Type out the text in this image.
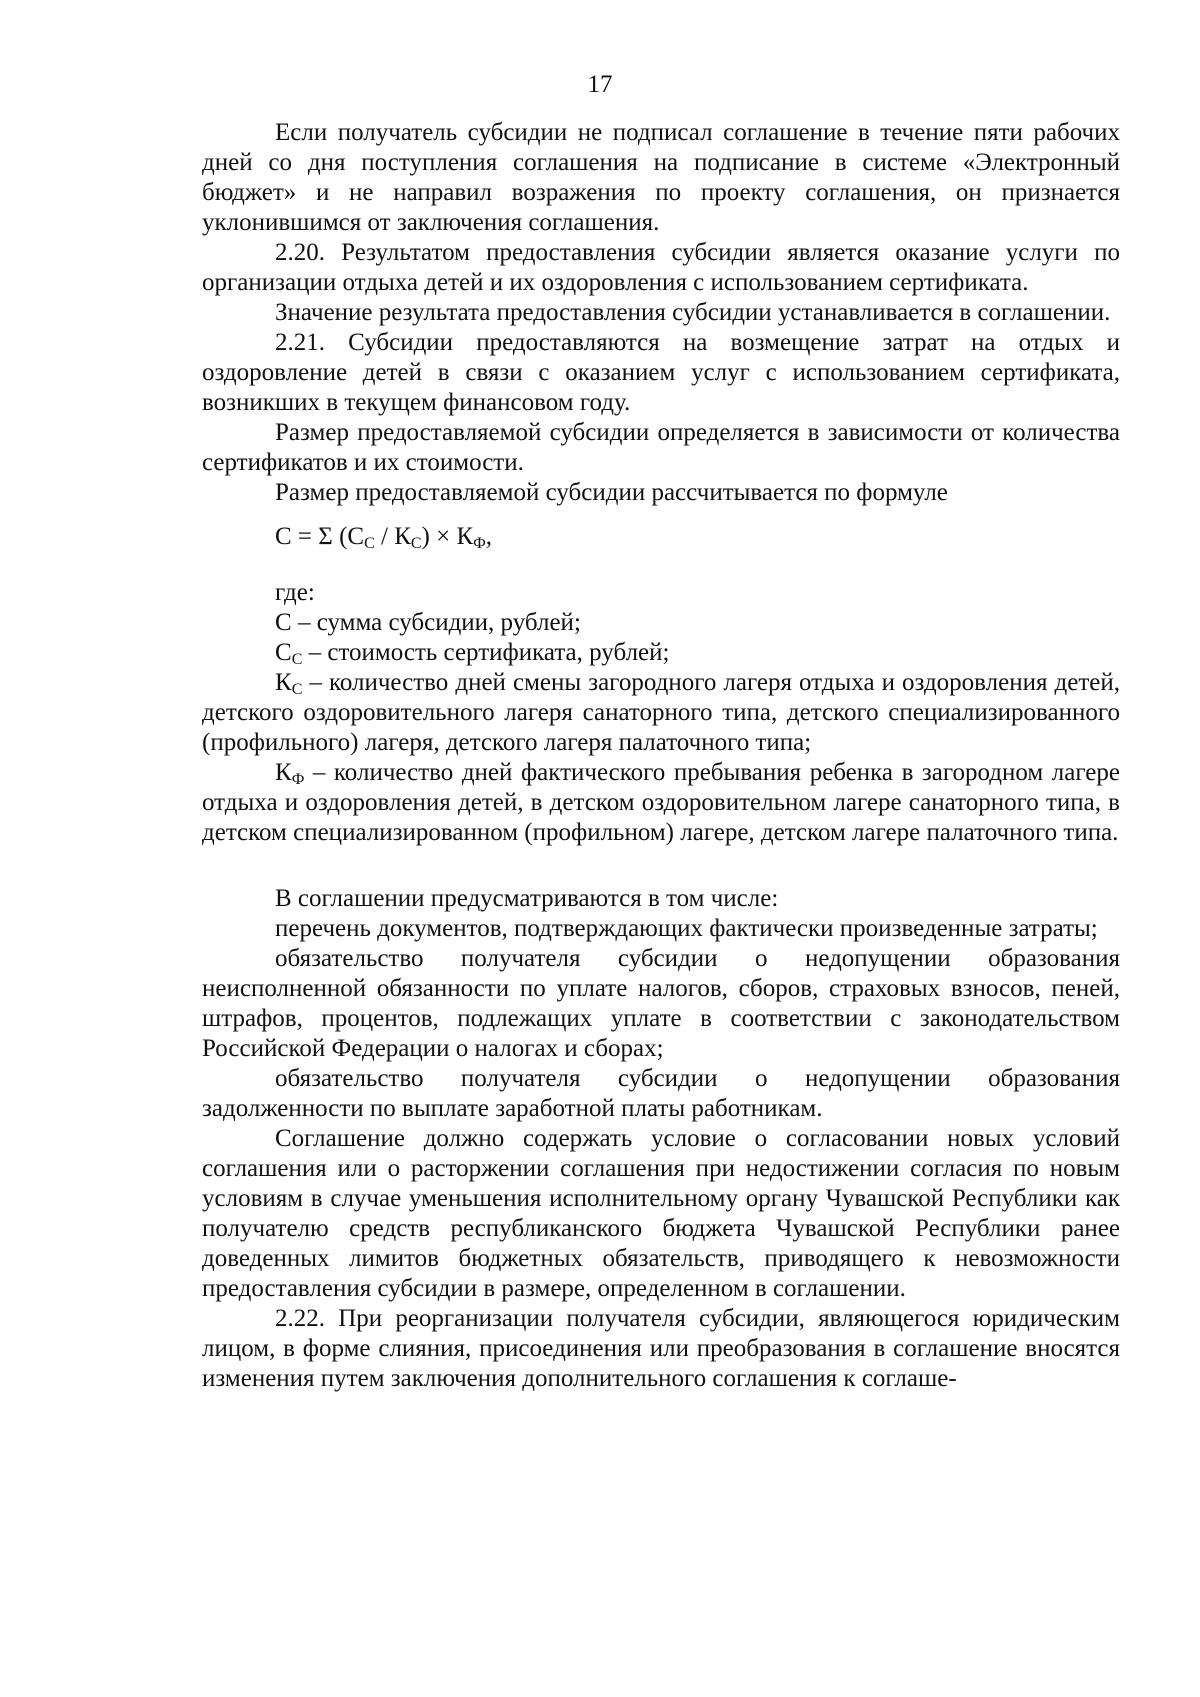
17

Если получатель субсидии не подписал соглашение в течение пяти рабочих дней со дня поступления соглашения на подписание в системе «Электронный бюджет» и не направил возражения по проекту соглашения, он признается уклонившимся от заключения соглашения.

2.20. Результатом предоставления субсидии является оказание услуги по организации отдыха детей и их оздоровления с использованием сертификата.

Значение результата предоставления субсидии устанавливается в соглашении.

2.21. Субсидии предоставляются на возмещение затрат на отдых и оздоровление детей в связи с оказанием услуг с использованием сертификата, возникших в текущем финансовом году.

Размер предоставляемой субсидии определяется в зависимости от количества сертификатов и их стоимости.

Размер предоставляемой субсидии рассчитывается по формуле

C = Σ $(C_С / К_С) \times К_Ф$,

где:

С – сумма субсидии, рублей;

$С_С$ – стоимость сертификата, рублей;

$К_С$ – количество дней смены загородного лагеря отдыха и оздоровления детей, детского оздоровительного лагеря санаторного типа, детского специализированного (профильного) лагеря, детского лагеря палаточного типа;

$К_Ф$ – количество дней фактического пребывания ребенка в загородном лагере отдыха и оздоровления детей, в детском оздоровительном лагере санаторного типа, в детском специализированном (профильном) лагере, детском лагере палаточного типа.

В соглашении предусматриваются в том числе:

перечень документов, подтверждающих фактически произведенные затраты;

обязательство получателя субсидии о недопущении образования неисполненной обязанности по уплате налогов, сборов, страховых взносов, пеней, штрафов, процентов, подлежащих уплате в соответствии с законодательством Российской Федерации о налогах и сборах;

обязательство получателя субсидии о недопущении образования задолженности по выплате заработной платы работникам.

Соглашение должно содержать условие о согласовании новых условий соглашения или о расторжении соглашения при недостижении согласия по новым условиям в случае уменьшения исполнительному органу Чувашской Республики как получателю средств республиканского бюджета Чувашской Республики ранее доведенных лимитов бюджетных обязательств, приводящего к невозможности предоставления субсидии в размере, определенном в соглашении.

2.22. При реорганизации получателя субсидии, являющегося юридическим лицом, в форме слияния, присоединения или преобразования в соглашение вносятся изменения путем заключения дополнительного соглашения к соглаше-
